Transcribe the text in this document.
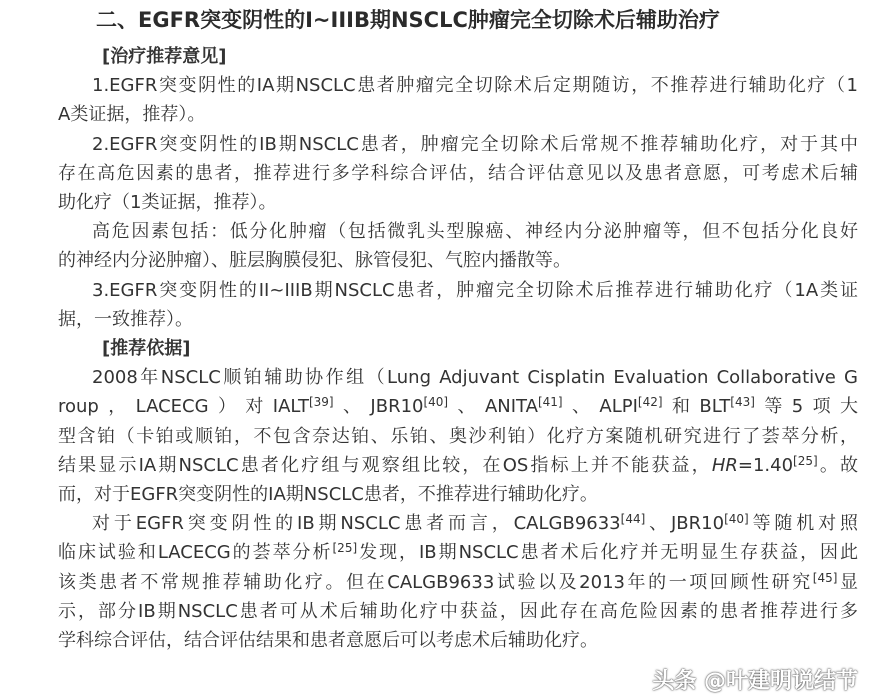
二、EGFR突变阴性的I~IIIB期NSCLC肿瘤完全切除术后辅助治疗
[治疗推荐意见]
1.EGFR突变阴性的IA期NSCLC患者肿瘤完全切除术后定期随访，不推荐进行辅助化疗（1
A类证据，推荐）。
2.EGFR突变阴性的IB期NSCLC患者，肿瘤完全切除术后常规不推荐辅助化疗，对于其中
存在高危因素的患者，推荐进行多学科综合评估，结合评估意见以及患者意愿，可考虑术后辅
助化疗（1类证据，推荐）。
高危因素包括：低分化肿瘤（包括微乳头型腺癌、神经内分泌肿瘤等，但不包括分化良好
的神经内分泌肿瘤）、脏层胸膜侵犯、脉管侵犯、气腔内播散等。
3.EGFR突变阴性的II~IIIB期NSCLC患者，肿瘤完全切除术后推荐进行辅助化疗（1A类证
据，一致推荐）。
[推荐依据]
2008年NSCLC顺铂辅助协作组（Lung Adjuvant Cisplatin Evaluation Collaborative G
roup，LACECG）对IALT[39]、JBR10[40]、ANITA[41]、ALPI[42]和BLT[43]等5项大
型含铂（卡铂或顺铂，不包含奈达铂、乐铂、奥沙利铂）化疗方案随机研究进行了荟萃分析，
结果显示IA期NSCLC患者化疗组与观察组比较，在OS指标上并不能获益，HR=1.40[25]。故
而，对于EGFR突变阴性的IA期NSCLC患者，不推荐进行辅助化疗。
对于EGFR突变阴性的IB期NSCLC患者而言，CALGB9633[44]、JBR10[40]等随机对照
临床试验和LACECG的荟萃分析[25]发现，IB期NSCLC患者术后化疗并无明显生存获益，因此
该类患者不常规推荐辅助化疗。但在CALGB9633试验以及2013年的一项回顾性研究[45]显
示，部分IB期NSCLC患者可从术后辅助化疗中获益，因此存在高危险因素的患者推荐进行多
学科综合评估，结合评估结果和患者意愿后可以考虑术后辅助化疗。
头条 @叶建明说结节
